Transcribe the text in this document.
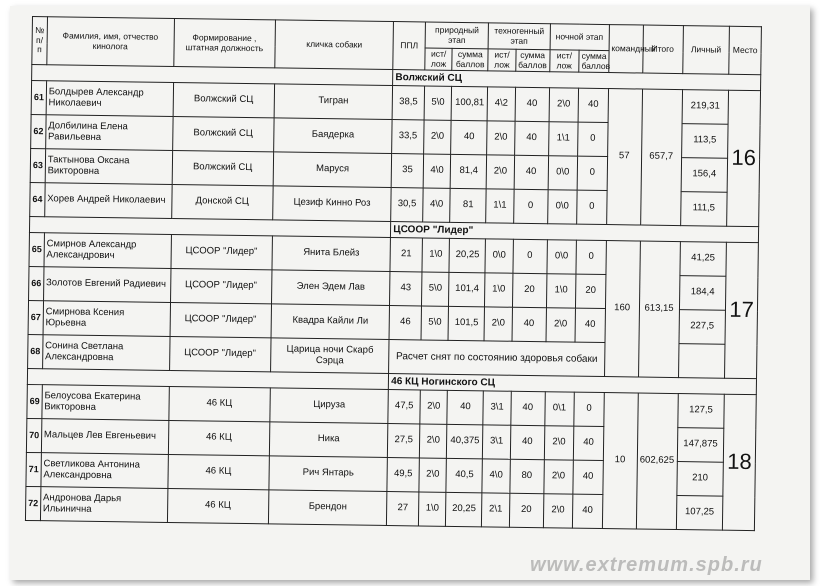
№ п/п	Фамилия, имя, отчество кинолога	Формирование , штатная должность	кличка собаки	ППЛ	природный этап		техногенный этап		ночной этап		командный	Итого	Личный	Место
					ист/лож	сумма баллов	ист/лож	сумма баллов	ист/лож	сумма баллов				
				Волжский СЦ										
61	Болдырев Александр Николаевич	Волжский СЦ	Тигран	38,5	5\0	100,81	4\2	40	2\0	40	57	657,7	219,31	16
62	Долбилина Елена Равильевна	Волжский СЦ	Баядерка	33,5	2\0	40	2\0	40	1\1	0			113,5	
63	Тактынова Оксана Викторовна	Волжский СЦ	Маруся	35	4\0	81,4	2\0	40	0\0	0			156,4	
64	Хорев Андрей Николаевич	Донской СЦ	Цезиф Кинно Роз	30,5	4\0	81	1\1	0	0\0	0			111,5	
				ЦСООР "Лидер"										
65	Смирнов Александр Александрович	ЦСООР "Лидер"	Янита Блейз	21	1\0	20,25	0\0	0	0\0	0	160	613,15	41,25	17
66	Золотов Евгений Радиевич	ЦСООР "Лидер"	Элен Эдем Лав	43	5\0	101,4	1\0	20	1\0	20			184,4	
67	Смирнова Ксения Юрьевна	ЦСООР "Лидер"	Квадра Кайли Ли	46	5\0	101,5	2\0	40	2\0	40			227,5	
68	Сонина Светлана Александровна	ЦСООР "Лидер"	Царица ночи Скарб Сэрца	Расчет снят по состоянию здоровья собаки										
				46 КЦ Ногинского СЦ										
69	Белоусова Екатерина Викторовна	46 КЦ	Цируза	47,5	2\0	40	3\1	40	0\1	0	10	602,625	127,5	18
70	Мальцев Лев Евгеньевич	46 КЦ	Ника	27,5	2\0	40,375	3\1	40	2\0	40			147,875	
71	Светликова Антонина Александровна	46 КЦ	Рич Янтарь	49,5	2\0	40,5	4\0	80	2\0	40			210	
72	Андронова Дарья Ильинична	46 КЦ	Брендон	27	1\0	20,25	2\1	20	2\0	40			107,25	
www.extremum.spb.ru
